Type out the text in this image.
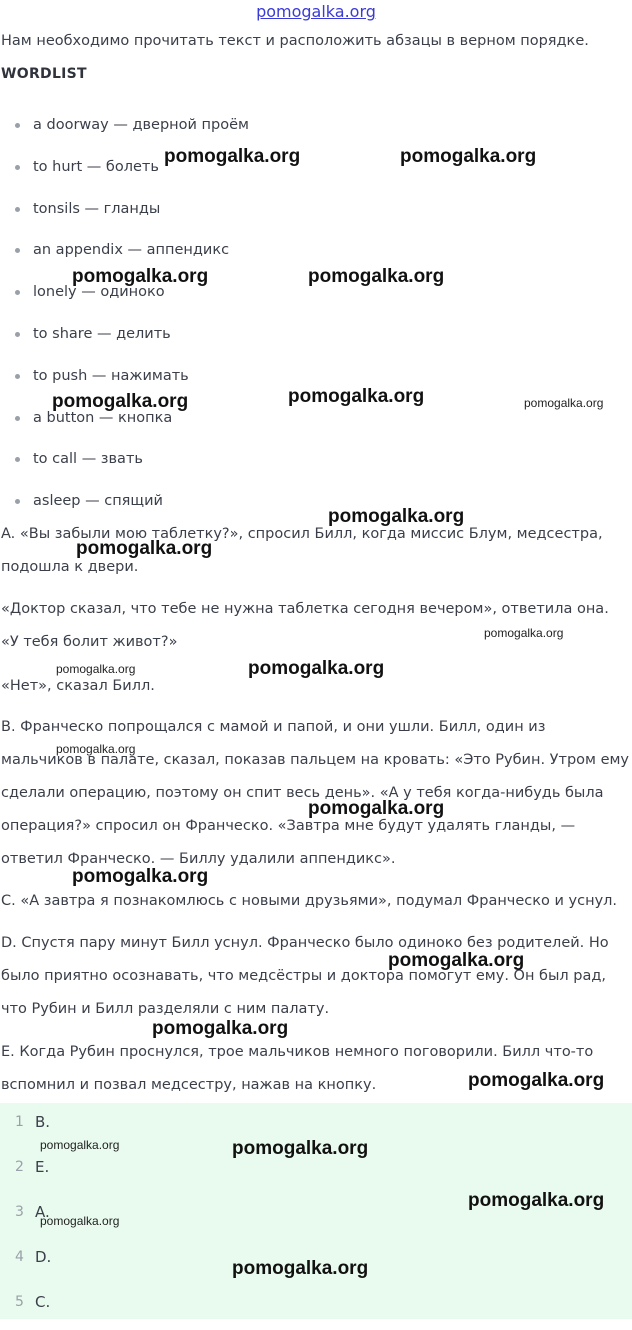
pomogalka.org
Нам необходимо прочитать текст и расположить абзацы в верном порядке.
WORDLIST
a doorway — дверной проём
to hurt — болеть
tonsils — гланды
an appendix — аппендикс
lonely — одиноко
to share — делить
to push — нажимать
a button — кнопка
to call — звать
asleep — спящий
A. «Вы забыли мою таблетку?», спросил Билл, когда миссис Блум, медсестра, подошла к двери.
«Доктор сказал, что тебе не нужна таблетка сегодня вечером», ответила она. «У тебя болит живот?»
«Нет», сказал Билл.
B. Франческо попрощался с мамой и папой, и они ушли. Билл, один из мальчиков в палате, сказал, показав пальцем на кровать: «Это Рубин. Утром ему сделали операцию, поэтому он спит весь день». «А у тебя когда-нибудь была операция?» спросил он Франческо. «Завтра мне будут удалять гланды, — ответил Франческо. — Биллу удалили аппендикс».
C. «А завтра я познакомлюсь с новыми друзьями», подумал Франческо и уснул.
D. Спустя пару минут Билл уснул. Франческо было одиноко без родителей. Но было приятно осознавать, что медсёстры и доктора помогут ему. Он был рад, что Рубин и Билл разделяли с ним палату.
E. Когда Рубин проснулся, трое мальчиков немного поговорили. Билл что-то вспомнил и позвал медсестру, нажав на кнопку.
1 B.
2 E.
3 A.
4 D.
5 C.
pomogalka.org	pomogalka.org
pomogalka.org	pomogalka.org
pomogalka.org	pomogalka.org	pomogalka.org
pomogalka.org
pomogalka.org
pomogalka.org
pomogalka.org	pomogalka.org
pomogalka.org
pomogalka.org
pomogalka.org
pomogalka.org
pomogalka.org
pomogalka.org
pomogalka.org	pomogalka.org
pomogalka.org
pomogalka.org
pomogalka.org
